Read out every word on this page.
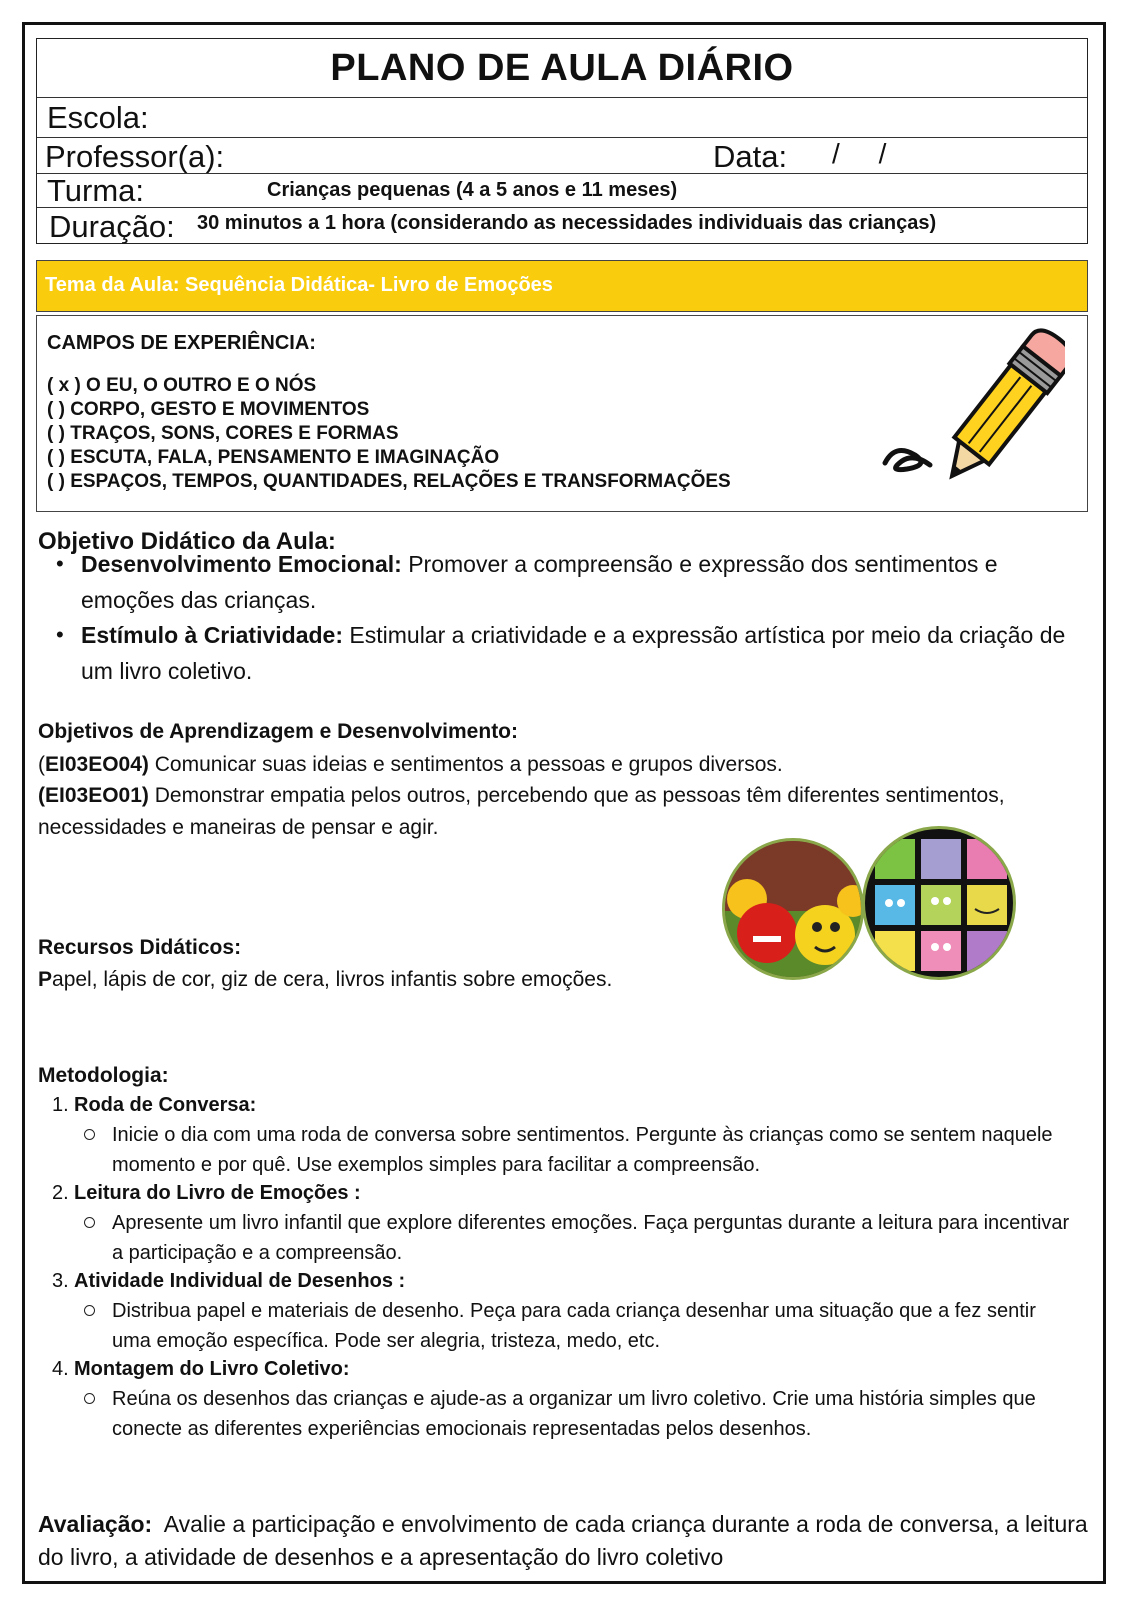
PLANO DE AULA DIÁRIO
Escola:
Professor(a):	Data: /     /
Turma:	Crianças pequenas (4 a 5 anos e 11 meses)
Duração: 30 minutos a 1 hora (considerando as necessidades individuais das crianças)
Tema da Aula: Sequência Didática- Livro de Emoções
CAMPOS DE EXPERIÊNCIA:
( x ) O EU, O OUTRO E O NÓS
( ) CORPO, GESTO E MOVIMENTOS
( ) TRAÇOS, SONS, CORES E FORMAS
( ) ESCUTA, FALA, PENSAMENTO E IMAGINAÇÃO
( ) ESPAÇOS, TEMPOS, QUANTIDADES, RELAÇÕES E TRANSFORMAÇÕES
Objetivo Didático da Aula:
• Desenvolvimento Emocional: Promover a compreensão e expressão dos sentimentos e emoções das crianças.
• Estímulo à Criatividade: Estimular a criatividade e a expressão artística por meio da criação de um livro coletivo.
Objetivos de Aprendizagem e Desenvolvimento:
(EI03EO04) Comunicar suas ideias e sentimentos a pessoas e grupos diversos.
(EI03EO01) Demonstrar empatia pelos outros, percebendo que as pessoas têm diferentes sentimentos, necessidades e maneiras de pensar e agir.
Recursos Didáticos:
Papel, lápis de cor, giz de cera, livros infantis sobre emoções.
Metodologia:
1. Roda de Conversa:
Inicie o dia com uma roda de conversa sobre sentimentos. Pergunte às crianças como se sentem naquele momento e por quê. Use exemplos simples para facilitar a compreensão.
2. Leitura do Livro de Emoções :
Apresente um livro infantil que explore diferentes emoções. Faça perguntas durante a leitura para incentivar a participação e a compreensão.
3. Atividade Individual de Desenhos :
Distribua papel e materiais de desenho. Peça para cada criança desenhar uma situação que a fez sentir uma emoção específica. Pode ser alegria, tristeza, medo, etc.
4. Montagem do Livro Coletivo:
Reúna os desenhos das crianças e ajude-as a organizar um livro coletivo. Crie uma história simples que conecte as diferentes experiências emocionais representadas pelos desenhos.
Avaliação:  Avalie a participação e envolvimento de cada criança durante a roda de conversa, a leitura do livro, a atividade de desenhos e a apresentação do livro coletivo
